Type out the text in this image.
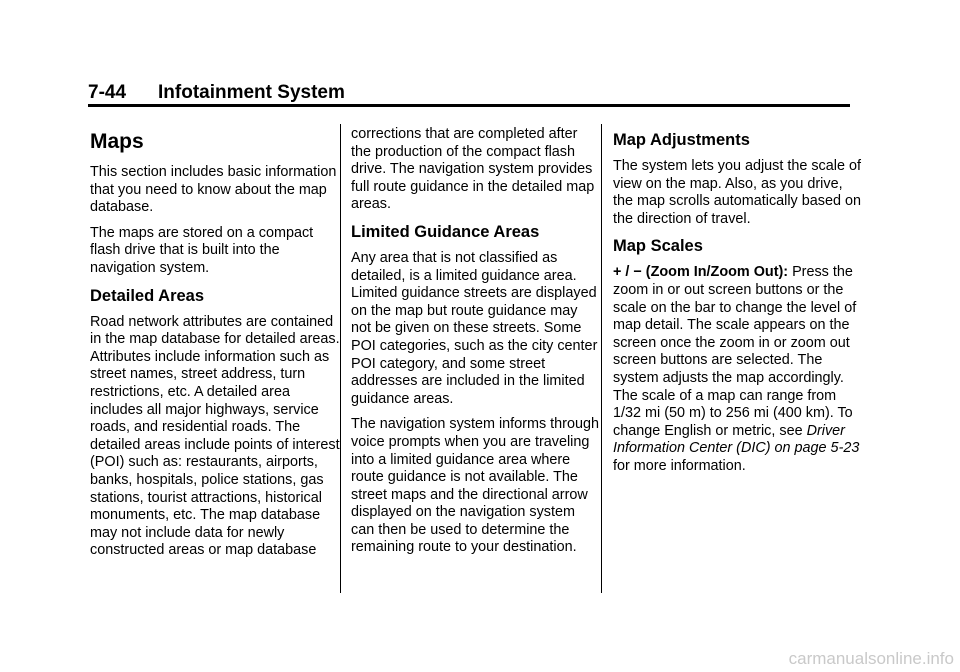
7-44 Infotainment System
Maps

This section includes basic information that you need to know about the map database.

The maps are stored on a compact flash drive that is built into the navigation system.

Detailed Areas

Road network attributes are contained in the map database for detailed areas. Attributes include information such as street names, street address, turn restrictions, etc. A detailed area includes all major highways, service roads, and residential roads. The detailed areas include points of interest (POI) such as: restaurants, airports, banks, hospitals, police stations, gas stations, tourist attractions, historical monuments, etc. The map database may not include data for newly constructed areas or map database

corrections that are completed after the production of the compact flash drive. The navigation system provides full route guidance in the detailed map areas.

Limited Guidance Areas

Any area that is not classified as detailed, is a limited guidance area. Limited guidance streets are displayed on the map but route guidance may not be given on these streets. Some POI categories, such as the city center POI category, and some street addresses are included in the limited guidance areas.

The navigation system informs through voice prompts when you are traveling into a limited guidance area where route guidance is not available. The street maps and the directional arrow displayed on the navigation system can then be used to determine the remaining route to your destination.

Map Adjustments

The system lets you adjust the scale of view on the map. Also, as you drive, the map scrolls automatically based on the direction of travel.

Map Scales

+ / − (Zoom In/Zoom Out): Press the zoom in or out screen buttons or the scale on the bar to change the level of map detail. The scale appears on the screen once the zoom in or zoom out screen buttons are selected. The system adjusts the map accordingly. The scale of a map can range from 1/32 mi (50 m) to 256 mi (400 km). To change English or metric, see Driver Information Center (DIC) on page 5-23 for more information.

carmanualsonline.info
